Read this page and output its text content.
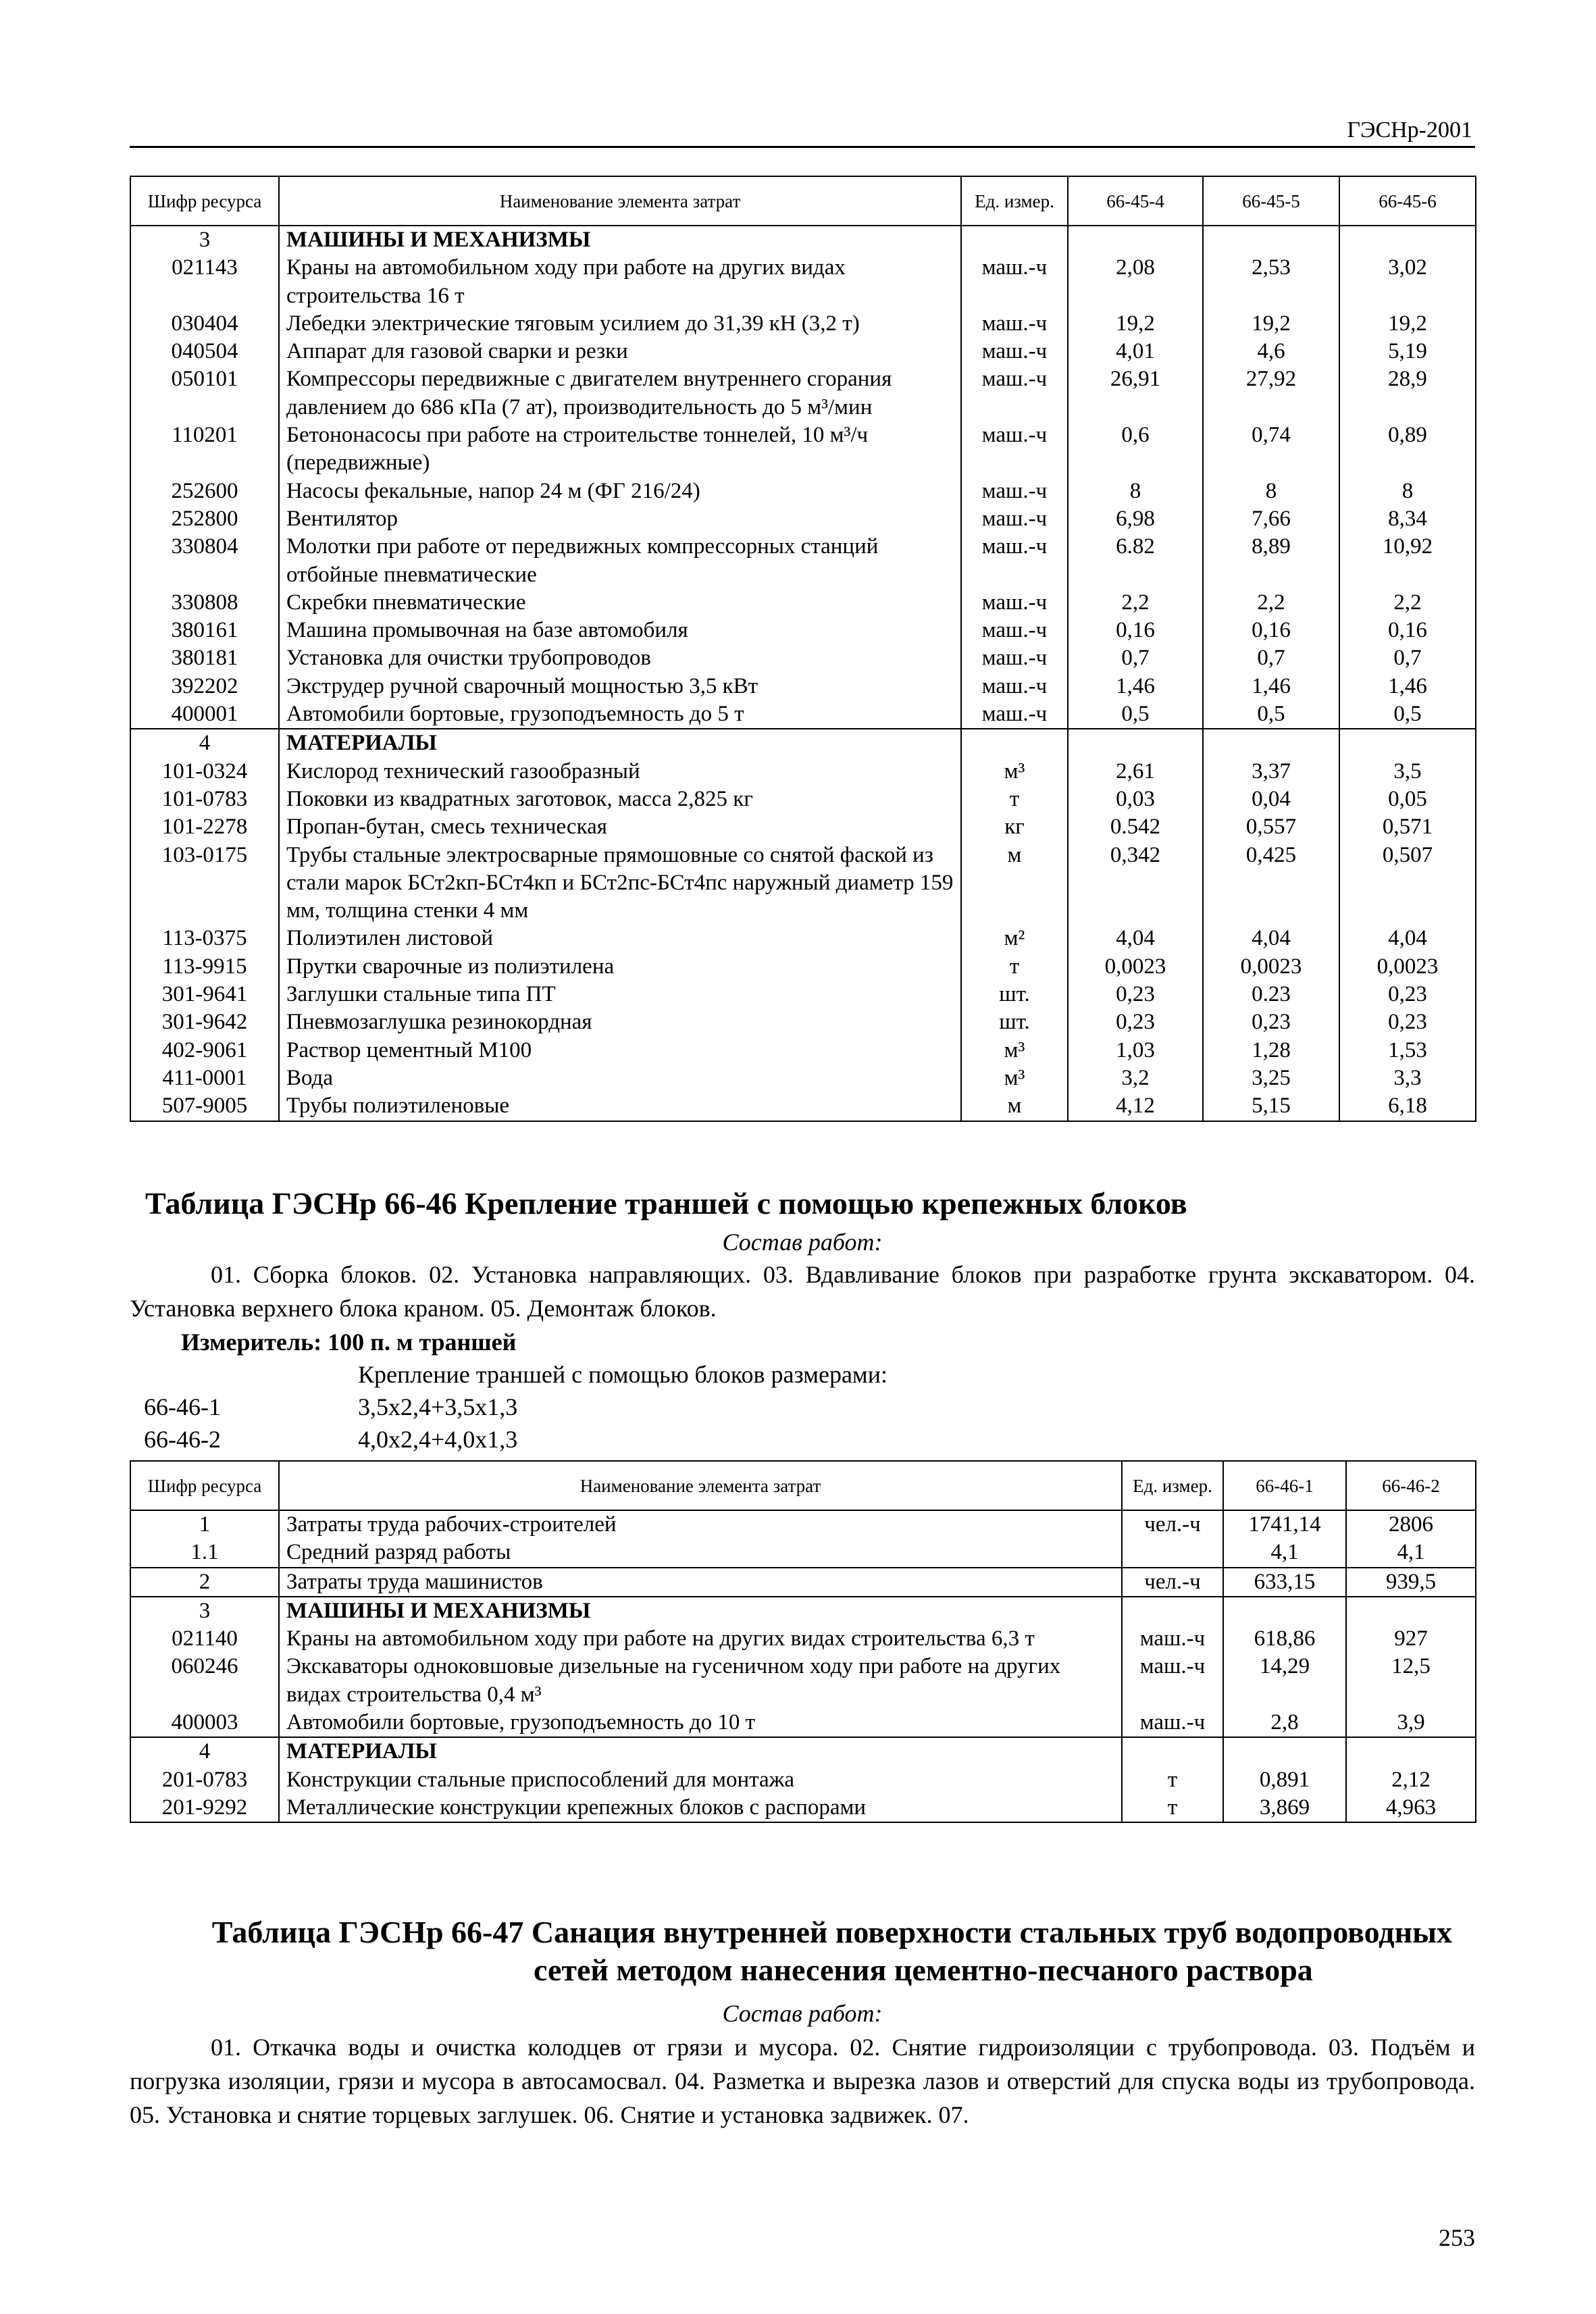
ГЭСНр-2001
Шифр ресурса	Наименование элемента затрат	Ед. измер.	66-45-4	66-45-5	66-45-6
3	МАШИНЫ И МЕХАНИЗМЫ				
021143	Краны на автомобильном ходу при работе на других видах строительства 16 т	маш.-ч	2,08	2,53	3,02
030404	Лебедки электрические тяговым усилием до 31,39 кН (3,2 т)	маш.-ч	19,2	19,2	19,2
040504	Аппарат для газовой сварки и резки	маш.-ч	4,01	4,6	5,19
050101	Компрессоры передвижные с двигателем внутреннего сгорания давлением до 686 кПа (7 ат), производительность до 5 м³/мин	маш.-ч	26,91	27,92	28,9
110201	Бетононасосы при работе на строительстве тоннелей, 10 м³/ч (передвижные)	маш.-ч	0,6	0,74	0,89
252600	Насосы фекальные, напор 24 м (ФГ 216/24)	маш.-ч	8	8	8
252800	Вентилятор	маш.-ч	6,98	7,66	8,34
330804	Молотки при работе от передвижных компрессорных станций отбойные пневматические	маш.-ч	6.82	8,89	10,92
330808	Скребки пневматические	маш.-ч	2,2	2,2	2,2
380161	Машина промывочная на базе автомобиля	маш.-ч	0,16	0,16	0,16
380181	Установка для очистки трубопроводов	маш.-ч	0,7	0,7	0,7
392202	Экструдер ручной сварочный мощностью 3,5 кВт	маш.-ч	1,46	1,46	1,46
400001	Автомобили бортовые, грузоподъемность до 5 т	маш.-ч	0,5	0,5	0,5
4	МАТЕРИАЛЫ				
101-0324	Кислород технический газообразный	м³	2,61	3,37	3,5
101-0783	Поковки из квадратных заготовок, масса 2,825 кг	т	0,03	0,04	0,05
101-2278	Пропан-бутан, смесь техническая	кг	0.542	0,557	0,571
103-0175	Трубы стальные электросварные прямошовные со снятой фаской из стали марок БСт2кп-БСт4кп и БСт2пс-БСт4пс наружный диаметр 159 мм, толщина стенки 4 мм	м	0,342	0,425	0,507
113-0375	Полиэтилен листовой	м²	4,04	4,04	4,04
113-9915	Прутки сварочные из полиэтилена	т	0,0023	0,0023	0,0023
301-9641	Заглушки стальные типа ПТ	шт.	0,23	0.23	0,23
301-9642	Пневмозаглушка резинокордная	шт.	0,23	0,23	0,23
402-9061	Раствор цементный М100	м³	1,03	1,28	1,53
411-0001	Вода	м³	3,2	3,25	3,3
507-9005	Трубы полиэтиленовые	м	4,12	5,15	6,18
Таблица ГЭСНр 66-46 Крепление траншей с помощью крепежных блоков
Состав работ:
01. Сборка блоков. 02. Установка направляющих. 03. Вдавливание блоков при разработке грунта экскаватором. 04. Установка верхнего блока краном. 05. Демонтаж блоков.
Измеритель: 100 п. м траншей
Крепление траншей с помощью блоков размерами:
66-46-1	3,5х2,4+3,5х1,3
66-46-2	4,0х2,4+4,0х1,3
Шифр ресурса	Наименование элемента затрат	Ед. измер.	66-46-1	66-46-2
1	Затраты труда рабочих-строителей	чел.-ч	1741,14	2806
1.1	Средний разряд работы		4,1	4,1
2	Затраты труда машинистов	чел.-ч	633,15	939,5
3	МАШИНЫ И МЕХАНИЗМЫ			
021140	Краны на автомобильном ходу при работе на других видах строительства 6,3 т	маш.-ч	618,86	927
060246	Экскаваторы одноковшовые дизельные на гусеничном ходу при работе на других видах строительства 0,4 м³	маш.-ч	14,29	12,5
400003	Автомобили бортовые, грузоподъемность до 10 т	маш.-ч	2,8	3,9
4	МАТЕРИАЛЫ			
201-0783	Конструкции стальные приспособлений для монтажа	т	0,891	2,12
201-9292	Металлические конструкции крепежных блоков с распорами	т	3,869	4,963
Таблица ГЭСНр 66-47 Санация внутренней поверхности стальных труб водопроводных
сетей методом нанесения цементно-песчаного раствора
Состав работ:
01. Откачка воды и очистка колодцев от грязи и мусора. 02. Снятие гидроизоляции с трубопровода. 03. Подъём и погрузка изоляции, грязи и мусора в автосамосвал. 04. Разметка и вырезка лазов и отверстий для спуска воды из трубопровода. 05. Установка и снятие торцевых заглушек. 06. Снятие и установка задвижек. 07.
253
